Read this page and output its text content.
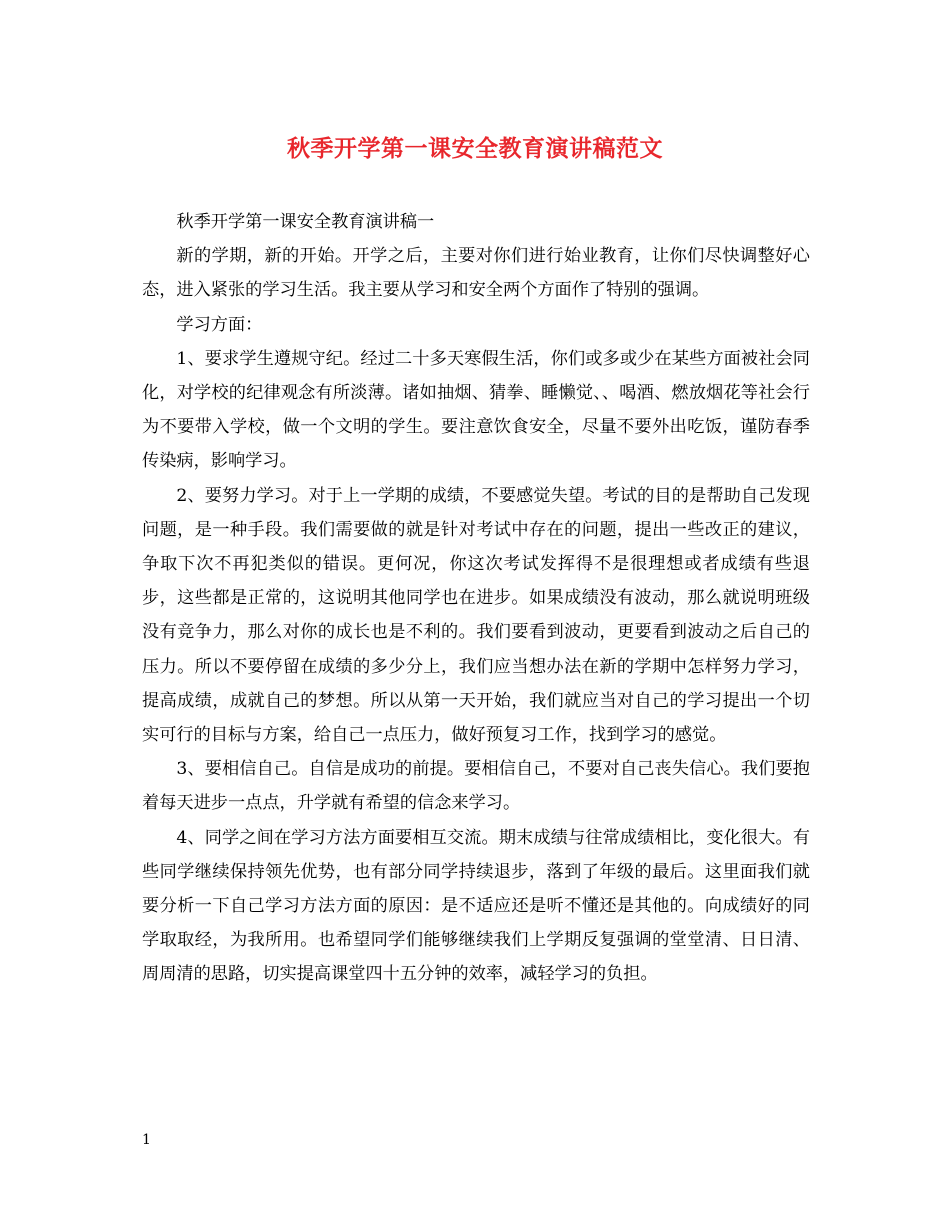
秋季开学第一课安全教育演讲稿范文

秋季开学第一课安全教育演讲稿一

新的学期，新的开始。开学之后，主要对你们进行始业教育，让你们尽快调整好心态，进入紧张的学习生活。我主要从学习和安全两个方面作了特别的强调。

学习方面：

1、要求学生遵规守纪。经过二十多天寒假生活，你们或多或少在某些方面被社会同化，对学校的纪律观念有所淡薄。诸如抽烟、猜拳、睡懒觉、、喝酒、燃放烟花等社会行为不要带入学校，做一个文明的学生。要注意饮食安全，尽量不要外出吃饭，谨防春季传染病，影响学习。

2、要努力学习。对于上一学期的成绩，不要感觉失望。考试的目的是帮助自己发现问题，是一种手段。我们需要做的就是针对考试中存在的问题，提出一些改正的建议，争取下次不再犯类似的错误。更何况，你这次考试发挥得不是很理想或者成绩有些退步，这些都是正常的，这说明其他同学也在进步。如果成绩没有波动，那么就说明班级没有竞争力，那么对你的成长也是不利的。我们要看到波动，更要看到波动之后自己的压力。所以不要停留在成绩的多少分上，我们应当想办法在新的学期中怎样努力学习，提高成绩，成就自己的梦想。所以从第一天开始，我们就应当对自己的学习提出一个切实可行的目标与方案，给自己一点压力，做好预复习工作，找到学习的感觉。

3、要相信自己。自信是成功的前提。要相信自己，不要对自己丧失信心。我们要抱着每天进步一点点，升学就有希望的信念来学习。

4、同学之间在学习方法方面要相互交流。期末成绩与往常成绩相比，变化很大。有些同学继续保持领先优势，也有部分同学持续退步，落到了年级的最后。这里面我们就要分析一下自己学习方法方面的原因：是不适应还是听不懂还是其他的。向成绩好的同学取取经，为我所用。也希望同学们能够继续我们上学期反复强调的堂堂清、日日清、周周清的思路，切实提高课堂四十五分钟的效率，减轻学习的负担。

1
